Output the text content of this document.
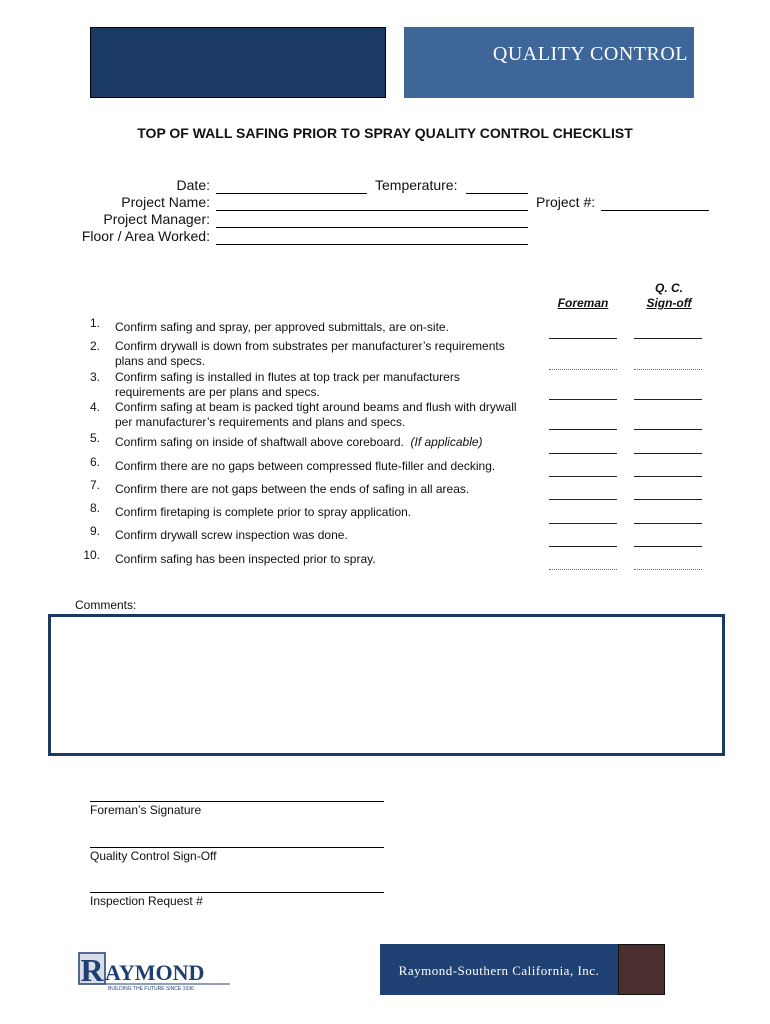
QUALITY CONTROL
TOP OF WALL SAFING PRIOR TO SPRAY QUALITY CONTROL CHECKLIST
Date:	Temperature:
Project Name:	Project #:
Project Manager:
Floor / Area Worked:
Foreman
Q. C.
Sign-off
1. Confirm safing and spray, per approved submittals, are on-site.
2. Confirm drywall is down from substrates per manufacturer’s requirements
plans and specs.
3. Confirm safing is installed in flutes at top track per manufacturers
requirements are per plans and specs.
4. Confirm safing at beam is packed tight around beams and flush with drywall
per manufacturer’s requirements and plans and specs.
5. Confirm safing on inside of shaftwall above coreboard. (If applicable)
6. Confirm there are no gaps between compressed flute-filler and decking.
7. Confirm there are not gaps between the ends of safing in all areas.
8. Confirm firetaping is complete prior to spray application.
9. Confirm drywall screw inspection was done.
10. Confirm safing has been inspected prior to spray.
Comments:
Foreman’s Signature
Quality Control Sign-Off
Inspection Request #
R AYMOND
BUILDING THE FUTURE SINCE 1936
Raymond-Southern California, Inc.
